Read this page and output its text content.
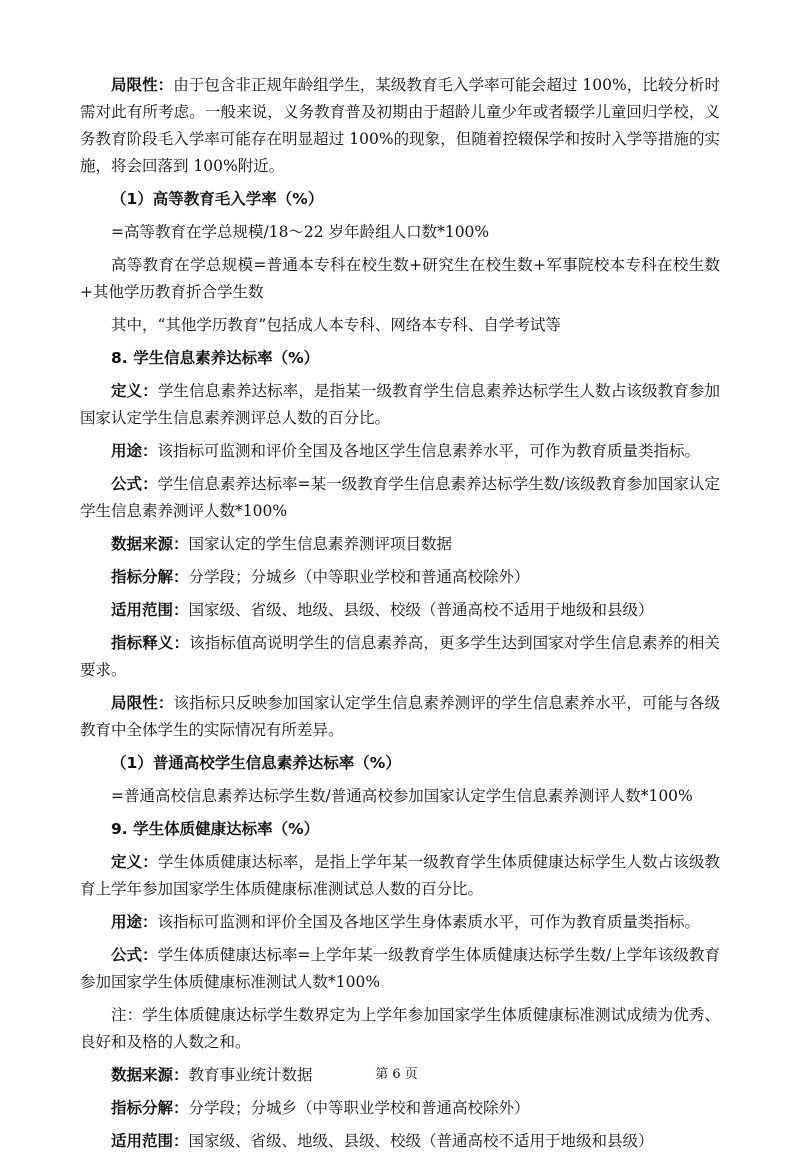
局限性：由于包含非正规年龄组学生，某级教育毛入学率可能会超过 100%，比较分析时需对此有所考虑。一般来说，义务教育普及初期由于超龄儿童少年或者辍学儿童回归学校，义务教育阶段毛入学率可能存在明显超过 100%的现象，但随着控辍保学和按时入学等措施的实施，将会回落到 100%附近。

（1）高等教育毛入学率（%）

=高等教育在学总规模/18～22 岁年龄组人口数*100%

高等教育在学总规模=普通本专科在校生数+研究生在校生数+军事院校本专科在校生数+其他学历教育折合学生数

其中，“其他学历教育”包括成人本专科、网络本专科、自学考试等

8. 学生信息素养达标率（%）

定义：学生信息素养达标率，是指某一级教育学生信息素养达标学生人数占该级教育参加国家认定学生信息素养测评总人数的百分比。

用途：该指标可监测和评价全国及各地区学生信息素养水平，可作为教育质量类指标。

公式：学生信息素养达标率=某一级教育学生信息素养达标学生数/该级教育参加国家认定学生信息素养测评人数*100%

数据来源：国家认定的学生信息素养测评项目数据

指标分解：分学段；分城乡（中等职业学校和普通高校除外）

适用范围：国家级、省级、地级、县级、校级（普通高校不适用于地级和县级）

指标释义：该指标值高说明学生的信息素养高，更多学生达到国家对学生信息素养的相关要求。

局限性：该指标只反映参加国家认定学生信息素养测评的学生信息素养水平，可能与各级教育中全体学生的实际情况有所差异。

（1）普通高校学生信息素养达标率（%）

=普通高校信息素养达标学生数/普通高校参加国家认定学生信息素养测评人数*100%

9. 学生体质健康达标率（%）

定义：学生体质健康达标率，是指上学年某一级教育学生体质健康达标学生人数占该级教育上学年参加国家学生体质健康标准测试总人数的百分比。

用途：该指标可监测和评价全国及各地区学生身体素质水平，可作为教育质量类指标。

公式：学生体质健康达标率=上学年某一级教育学生体质健康达标学生数/上学年该级教育参加国家学生体质健康标准测试人数*100%

注：学生体质健康达标学生数界定为上学年参加国家学生体质健康标准测试成绩为优秀、良好和及格的人数之和。

数据来源：教育事业统计数据

指标分解：分学段；分城乡（中等职业学校和普通高校除外）

适用范围：国家级、省级、地级、县级、校级（普通高校不适用于地级和县级）

第 6 页
